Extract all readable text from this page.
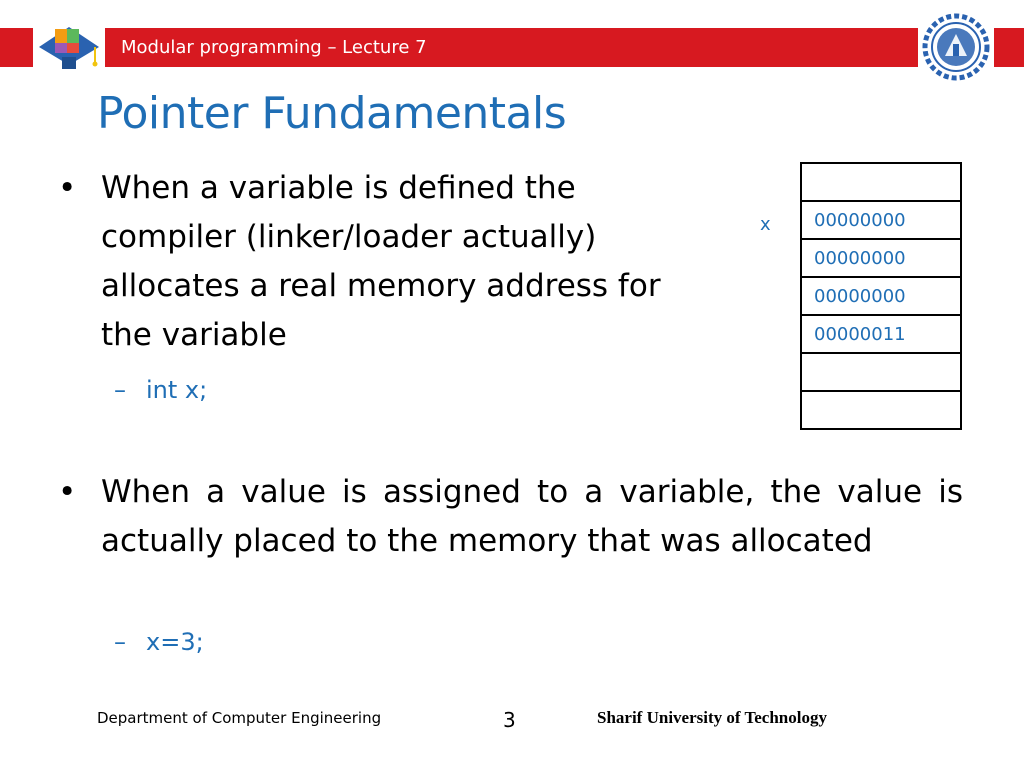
Modular programming – Lecture 7
Pointer Fundamentals
• When a variable is defined the compiler (linker/loader actually) allocates a real memory address for the variable
– int x;
x 00000000
00000000
00000000
00000011

• When a value is assigned to a variable, the value is actually placed to the memory that was allocated
– x=3;
Department of Computer Engineering	3	Sharif University of Technology
